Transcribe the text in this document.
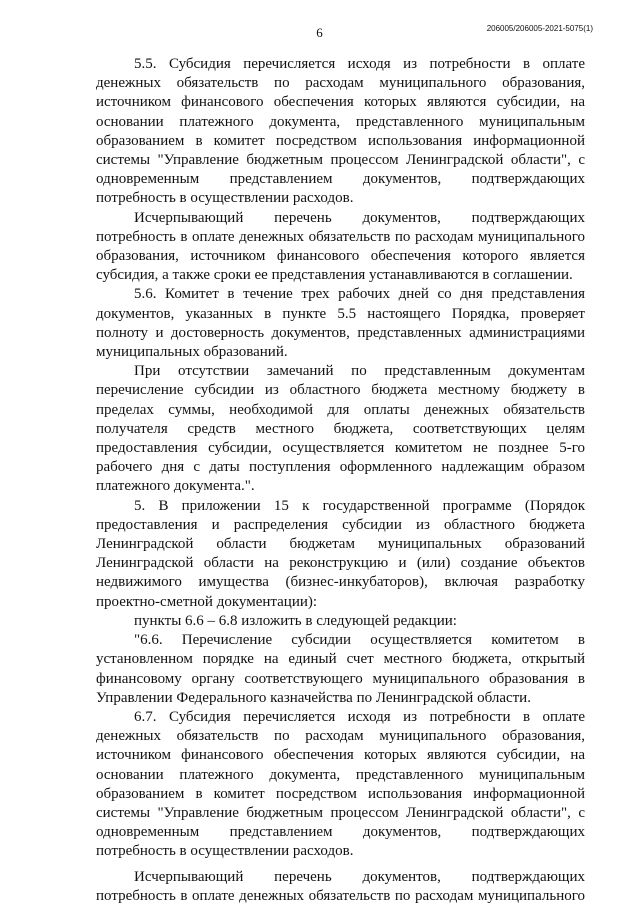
6	206005/206005-2021-5075(1)

5.5. Субсидия перечисляется исходя из потребности в оплате денежных обязательств по расходам муниципального образования, источником финансового обеспечения которых являются субсидии, на основании платежного документа, представленного муниципальным образованием в комитет посредством использования информационной системы "Управление бюджетным процессом Ленинградской области", с одновременным представлением документов, подтверждающих потребность в осуществлении расходов.

Исчерпывающий перечень документов, подтверждающих потребность в оплате денежных обязательств по расходам муниципального образования, источником финансового обеспечения которого является субсидия, а также сроки ее представления устанавливаются в соглашении.

5.6. Комитет в течение трех рабочих дней со дня представления документов, указанных в пункте 5.5 настоящего Порядка, проверяет полноту и достоверность документов, представленных администрациями муниципальных образований.

При отсутствии замечаний по представленным документам перечисление субсидии из областного бюджета местному бюджету в пределах суммы, необходимой для оплаты денежных обязательств получателя средств местного бюджета, соответствующих целям предоставления субсидии, осуществляется комитетом не позднее 5-го рабочего дня с даты поступления оформленного надлежащим образом платежного документа.".

5. В приложении 15 к государственной программе (Порядок предоставления и распределения субсидии из областного бюджета Ленинградской области бюджетам муниципальных образований Ленинградской области на реконструкцию и (или) создание объектов недвижимого имущества (бизнес-инкубаторов), включая разработку проектно-сметной документации):

пункты 6.6 – 6.8 изложить в следующей редакции:

"6.6. Перечисление субсидии осуществляется комитетом в установленном порядке на единый счет местного бюджета, открытый финансовому органу соответствующего муниципального образования в Управлении Федерального казначейства по Ленинградской области.

6.7. Субсидия перечисляется исходя из потребности в оплате денежных обязательств по расходам муниципального образования, источником финансового обеспечения которых являются субсидии, на основании платежного документа, представленного муниципальным образованием в комитет посредством использования информационной системы "Управление бюджетным процессом Ленинградской области", с одновременным представлением документов, подтверждающих потребность в осуществлении расходов.

Исчерпывающий перечень документов, подтверждающих потребность в оплате денежных обязательств по расходам муниципального
